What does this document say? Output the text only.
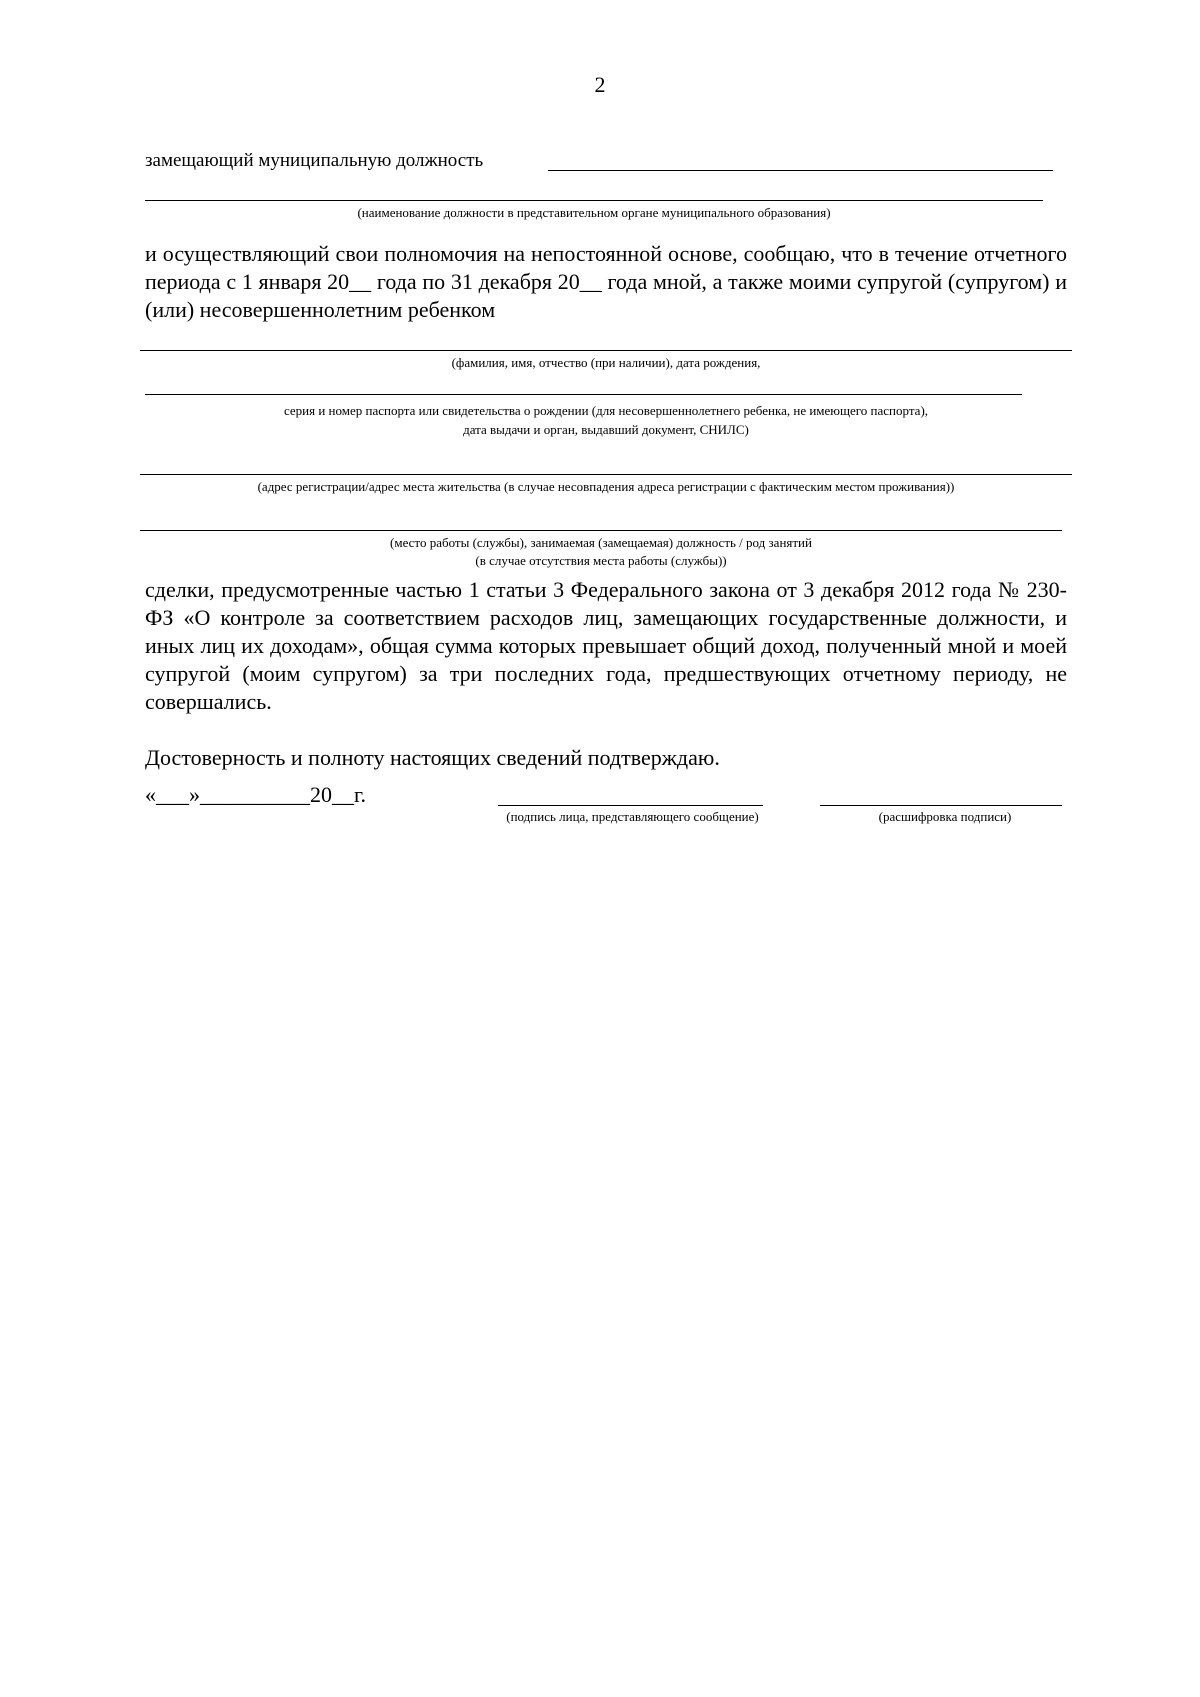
2
замещающий муниципальную должность
(наименование должности в представительном органе муниципального образования)
и осуществляющий свои полномочия на непостоянной основе, сообщаю, что в течение отчетного периода с 1 января 20__ года по 31 декабря 20__ года мной, а также моими супругой (супругом) и (или) несовершеннолетним ребенком
(фамилия, имя, отчество (при наличии), дата рождения,
серия и номер паспорта или свидетельства о рождении (для несовершеннолетнего ребенка, не имеющего паспорта),
дата выдачи и орган, выдавший документ, СНИЛС)
(адрес регистрации/адрес места жительства (в случае несовпадения адреса регистрации с фактическим местом проживания))
(место работы (службы), занимаемая (замещаемая) должность / род занятий
(в случае отсутствия места работы (службы))
сделки, предусмотренные частью 1 статьи 3 Федерального закона от 3 декабря 2012 года № 230-ФЗ «О контроле за соответствием расходов лиц, замещающих государственные должности, и иных лиц их доходам», общая сумма которых превышает общий доход, полученный мной и моей супругой (моим супругом) за три последних года, предшествующих отчетному периоду, не совершались.
Достоверность и полноту настоящих сведений подтверждаю.
«___»__________20__г.
(подпись лица, представляющего сообщение)	(расшифровка подписи)
